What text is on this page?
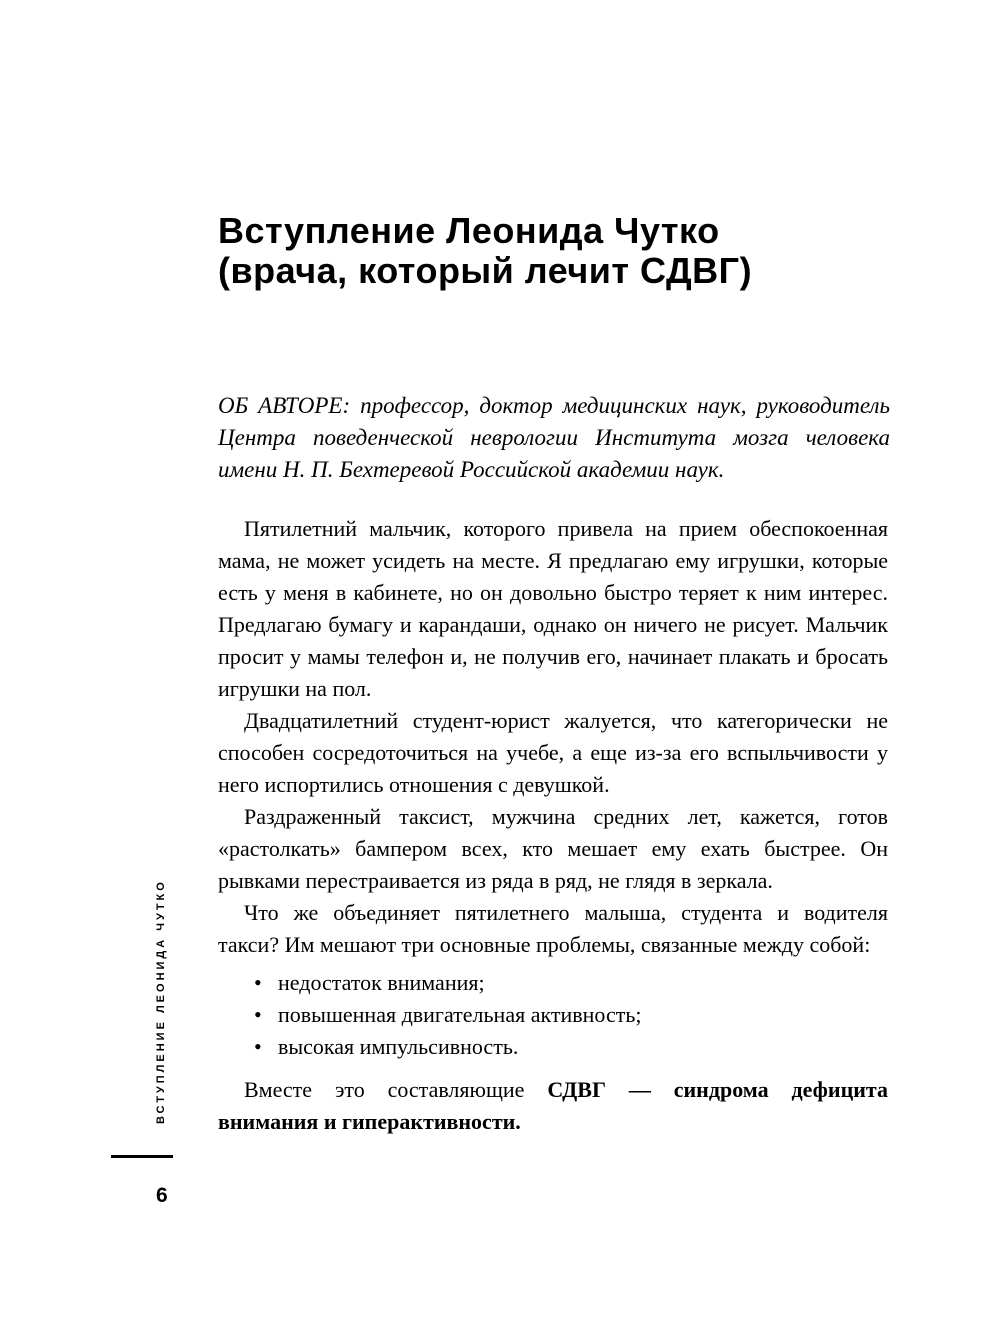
Вступление Леонида Чутко
(врача, который лечит СДВГ)

ОБ АВТОРЕ: профессор, доктор медицинских наук, руководитель Центра поведенческой неврологии Института мозга человека имени Н. П. Бехтеревой Российской академии наук.

Пятилетний мальчик, которого привела на прием обеспокоенная мама, не может усидеть на месте. Я предлагаю ему игрушки, которые есть у меня в кабинете, но он довольно быстро теряет к ним интерес. Предлагаю бумагу и карандаши, однако он ничего не рисует. Мальчик просит у мамы телефон и, не получив его, начинает плакать и бросать игрушки на пол.

Двадцатилетний студент-юрист жалуется, что категорически не способен сосредоточиться на учебе, а еще из-за его вспыльчивости у него испортились отношения с девушкой.

Раздраженный таксист, мужчина средних лет, кажется, готов «растолкать» бампером всех, кто мешает ему ехать быстрее. Он рывками перестраивается из ряда в ряд, не глядя в зеркала.

Что же объединяет пятилетнего малыша, студента и водителя такси? Им мешают три основные проблемы, связанные между собой:

• недостаток внимания;
• повышенная двигательная активность;
• высокая импульсивность.

Вместе это составляющие СДВГ — синдрома дефицита внимания и гиперактивности.

ВСТУПЛЕНИЕ ЛЕОНИДА ЧУТКО
6
